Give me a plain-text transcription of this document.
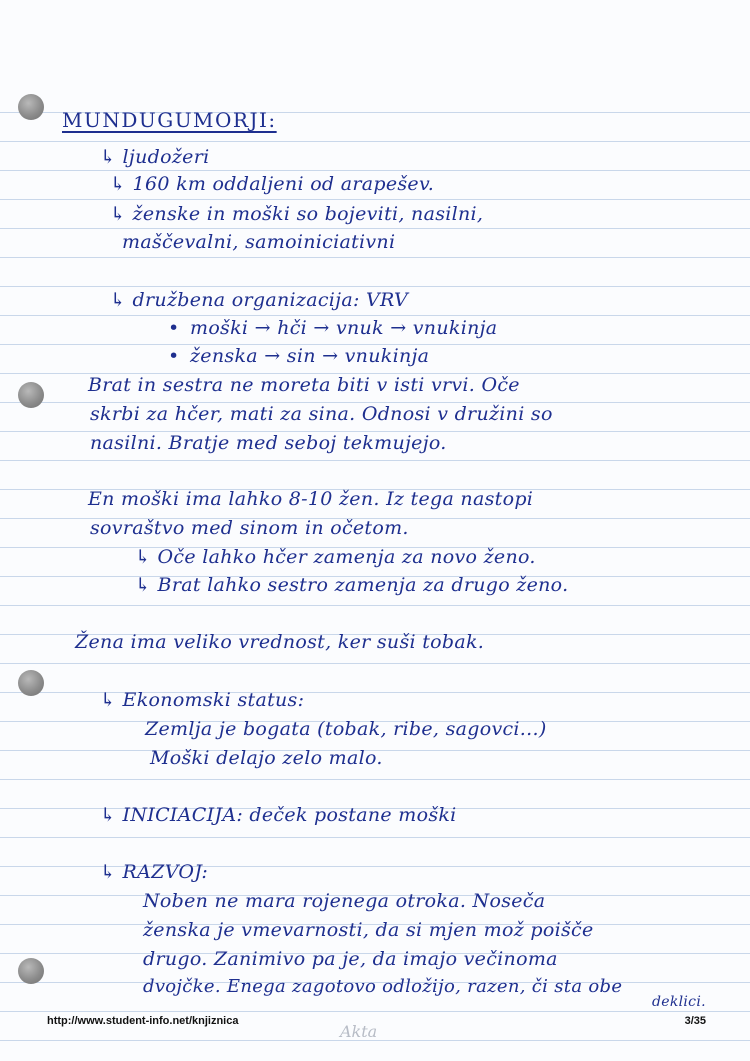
MUNDUGUMORJI:
↳ ljudožeri
↳ 160 km oddaljeni od arapešev.
↳ ženske in moški so bojeviti, nasilni,
maščevalni, samoiniciativni
↳ družbena organizacija: VRV
• moški → hči → vnuk → vnukinja
• ženska → sin → vnukinja
Brat in sestra ne moreta biti v isti vrvi. Oče
skrbi za hčer, mati za sina. Odnosi v družini so
nasilni. Bratje med seboj tekmujejo.
En moški ima lahko 8-10 žen. Iz tega nastopi
sovraštvo med sinom in očetom.
↳ Oče lahko hčer zamenja za novo ženo.
↳ Brat lahko sestro zamenja za drugo ženo.
Žena ima veliko vrednost, ker suši tobak.
↳ Ekonomski status:
Zemlja je bogata (tobak, ribe, sagovci...)
Moški delajo zelo malo.
↳ INICIACIJA: deček postane moški
↳ RAZVOJ:
Noben ne mara rojenega otroka. Noseča
ženska je vmevarnosti, da si mjen mož poišče
drugo. Zanimivo pa je, da imajo večinoma
dvojčke. Enega zagotovo odložijo, razen, či sta obe
deklici.
http://www.student-info.net/knjiznica
Akta
3/35
